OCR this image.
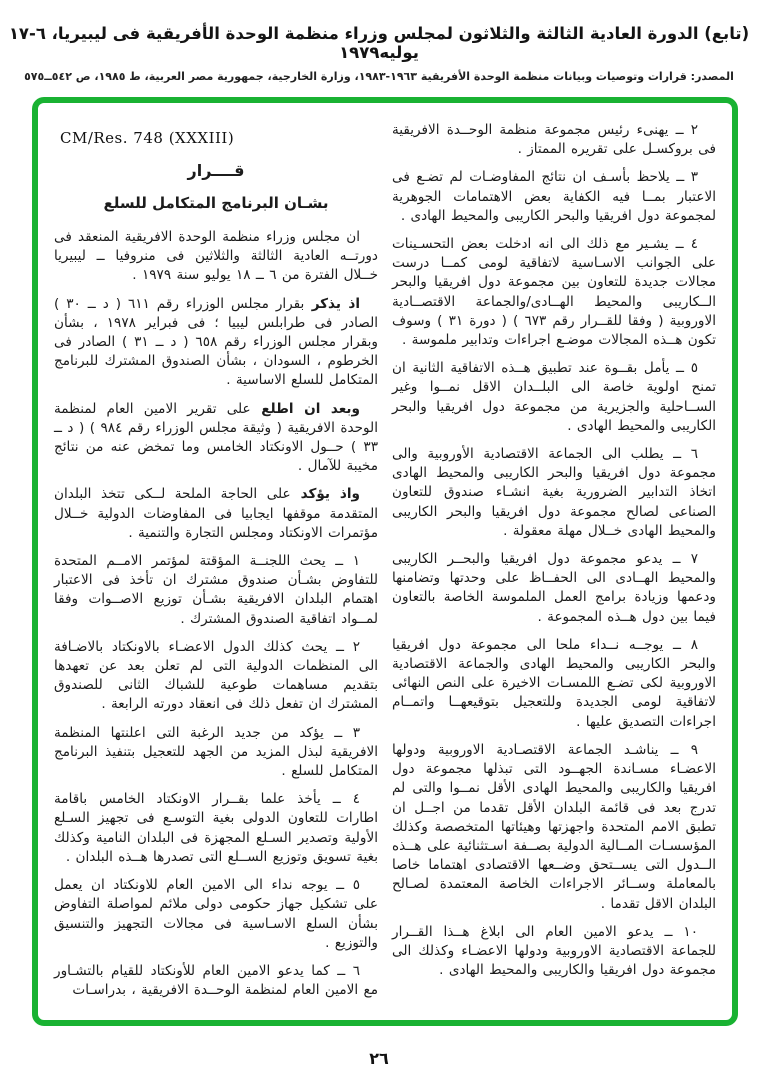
(تابع) الدورة العادية الثالثة والثلاثون لمجلس وزراء منظمة الوحدة الأفريقية فى ليبيريا، ٦-١٧ يوليه١٩٧٩
المصدر: قرارات وتوصيات وبيانات منظمة الوحدة الأفريقية ١٩٦٣-١٩٨٣، وزارة الخارجية، جمهورية مصر العربية، ط ١٩٨٥، ص ٥٤٢ــ٥٧٥
CM/Res. 748 (XXXIII)
قــــرار
بشـان البرنامج المتكامل للسلع

ان مجلس وزراء منظمة الوحدة الافريقية المنعقد فى دورتــه العادية الثالثة والثلاثين فى منروفيا ــ ليبيريا خــلال الفترة من ٦ ــ ١٨ يوليو سنة ١٩٧٩ .

اذ يذكر بقرار مجلس الوزراء رقم ٦١١ ( د ــ ٣٠ ) الصادر فى طرابلس ليبيا ؛ فى فبراير ١٩٧٨ ، بشأن وبقرار مجلس الوزراء رقم ٦٥٨ ( د ــ ٣١ ) الصادر فى الخرطوم ، السودان ، بشأن الصندوق المشترك للبرنامج المتكامل للسلع الاساسية .

وبعد ان اطلع على تقرير الامين العام لمنظمة الوحدة الافريقية ( وثيقة مجلس الوزراء رقم ٩٨٤ ) ( د ــ ٣٣ ) حــول الاونكتاد الخامس وما تمخض عنه من نتائج مخيبة للآمال .

واذ يؤكد على الحاجة الملحة لــكى تتخذ البلدان المتقدمة موقفها ايجابيا فى المفاوضات الدولية خــلال مؤتمرات الاونكتاد ومجلس التجارة والتنمية .

١ ــ يحث اللجنــة المؤقتة لمؤتمر الامــم المتحدة للتفاوض بشـأن صندوق مشترك ان تأخذ فى الاعتبار اهتمام البلدان الافريقية بشـأن توزيع الاصــوات وفقا لمــواد اتفاقية الصندوق المشترك .

٢ ــ يحث كذلك الدول الاعضـاء بالاونكتاد بالاضـافة الى المنظمات الدولية التى لم تعلن بعد عن تعهدها بتقديم مساهمات طوعية للشباك الثانى للصندوق المشترك ان تفعل ذلك فى انعقاد دورته الرابعة .

٣ ــ يؤكد من جديد الرغبة التى اعلنتها المنظمة الافريقية لبذل المزيد من الجهد للتعجيل بتنفيذ البرنامج المتكامل للسلع .

٤ ــ يأخذ علما بقــرار الاونكتاد الخامس باقامة اطارات للتعاون الدولى بغية التوسـع فى تجهيز السـلع الأولية وتصدير السـلع المجهزة فى البلدان النامية وكذلك بغية تسويق وتوزيع الســلع التى تصدرها هــذه البلدان .

٥ ــ يوجه نداء الى الامين العام للاونكتاد ان يعمل على تشكيل جهاز حكومى دولى ملائم لمواصلة التفاوض بشأن السلع الاسـاسية فى مجالات التجهيز والتنسيق والتوزيع .

٦ ــ كما يدعو الامين العام للأونكتاد للقيام بالتشـاور مع الامين العام لمنظمة الوحــدة الافريقية ، بدراسـات

٢ ــ يهنىء رئيس مجموعة منظمة الوحــدة الافريقية فى بروكسـل على تقريره الممتاز .

٣ ــ يلاحظ بأسـف ان نتائج المفاوضـات لم تضـع فى الاعتبار بمــا فيه الكفاية بعض الاهتمامات الجوهرية لمجموعة دول افريقيا والبحر الكاريبى والمحيط الهادى .

٤ ــ يشـير مع ذلك الى انه ادخلت بعض التحسـينات على الجوانب الاسـاسية لاتفاقية لومى كمــا درست مجالات جديدة للتعاون بين مجموعة دول افريقيا والبحر الــكاريبى والمحيط الهــادى/والجماعة الاقتصــادية الاوروبية ( وفقا للقــرار رقم ٦٧٣ ) ( دورة ٣١ ) وسوف تكون هــذه المجالات موضـع اجراءات وتدابير ملموسة .

٥ ــ يأمل بقــوة عند تطبيق هــذه الاتفاقية الثانية ان تمنح اولوية خاصة الى البلــدان الاقل نمــوا وغير الســاحلية والجزيرية من مجموعة دول افريقيا والبحر الكاريبى والمحيط الهادى .

٦ ــ يطلب الى الجماعة الاقتصادية الأوروبية والى مجموعة دول افريقيا والبحر الكاريبى والمحيط الهادى اتخاذ التدابير الضرورية بغية انشـاء صندوق للتعاون الصناعى لصالح مجموعة دول افريقيا والبحر الكاريبى والمحيط الهادى خــلال مهلة معقولة .

٧ ــ يدعو مجموعة دول افريقيا والبحــر الكاريبى والمحيط الهــادى الى الحفــاظ على وحدتها وتضامنها ودعمها وزيادة برامج العمل الملموسة الخاصة بالتعاون فيما بين دول هــذه المجموعة .

٨ ــ يوجــه نــداء ملحا الى مجموعة دول افريقيا والبحر الكاريبى والمحيط الهادى والجماعة الاقتصادية الاوروبية لكى تضـع اللمسـات الاخيرة على النص النهائى لاتفاقية لومى الجديدة وللتعجيل بتوقيعهــا واتمــام اجراءات التصديق عليها .

٩ ــ يناشـد الجماعة الاقتصـادية الاوروبية ودولها الاعضـاء مسـاندة الجهــود التى تبذلها مجموعة دول افريقيا والكاريبى والمحيط الهادى الأقل نمــوا والتى لم تدرج بعد فى قائمة البلدان الأقل تقدما من اجــل ان تطبق الامم المتحدة واجهزتها وهيئاتها المتخصصة وكذلك المؤسسـات المــالية الدولية بصــفة اسـتثنائية على هــذه الــدول التى يســتحق وضــعها الاقتصادى اهتماما خاصا بالمعاملة وســائر الاجراءات الخاصة المعتمدة لصـالح البلدان الاقل تقدما .

١٠ ــ يدعو الامين العام الى ابلاغ هــذا القــرار للجماعة الاقتصادية الاوروبية ودولها الاعضـاء وكذلك الى مجموعة دول افريقيا والكاريبى والمحيط الهادى .

٢٦
